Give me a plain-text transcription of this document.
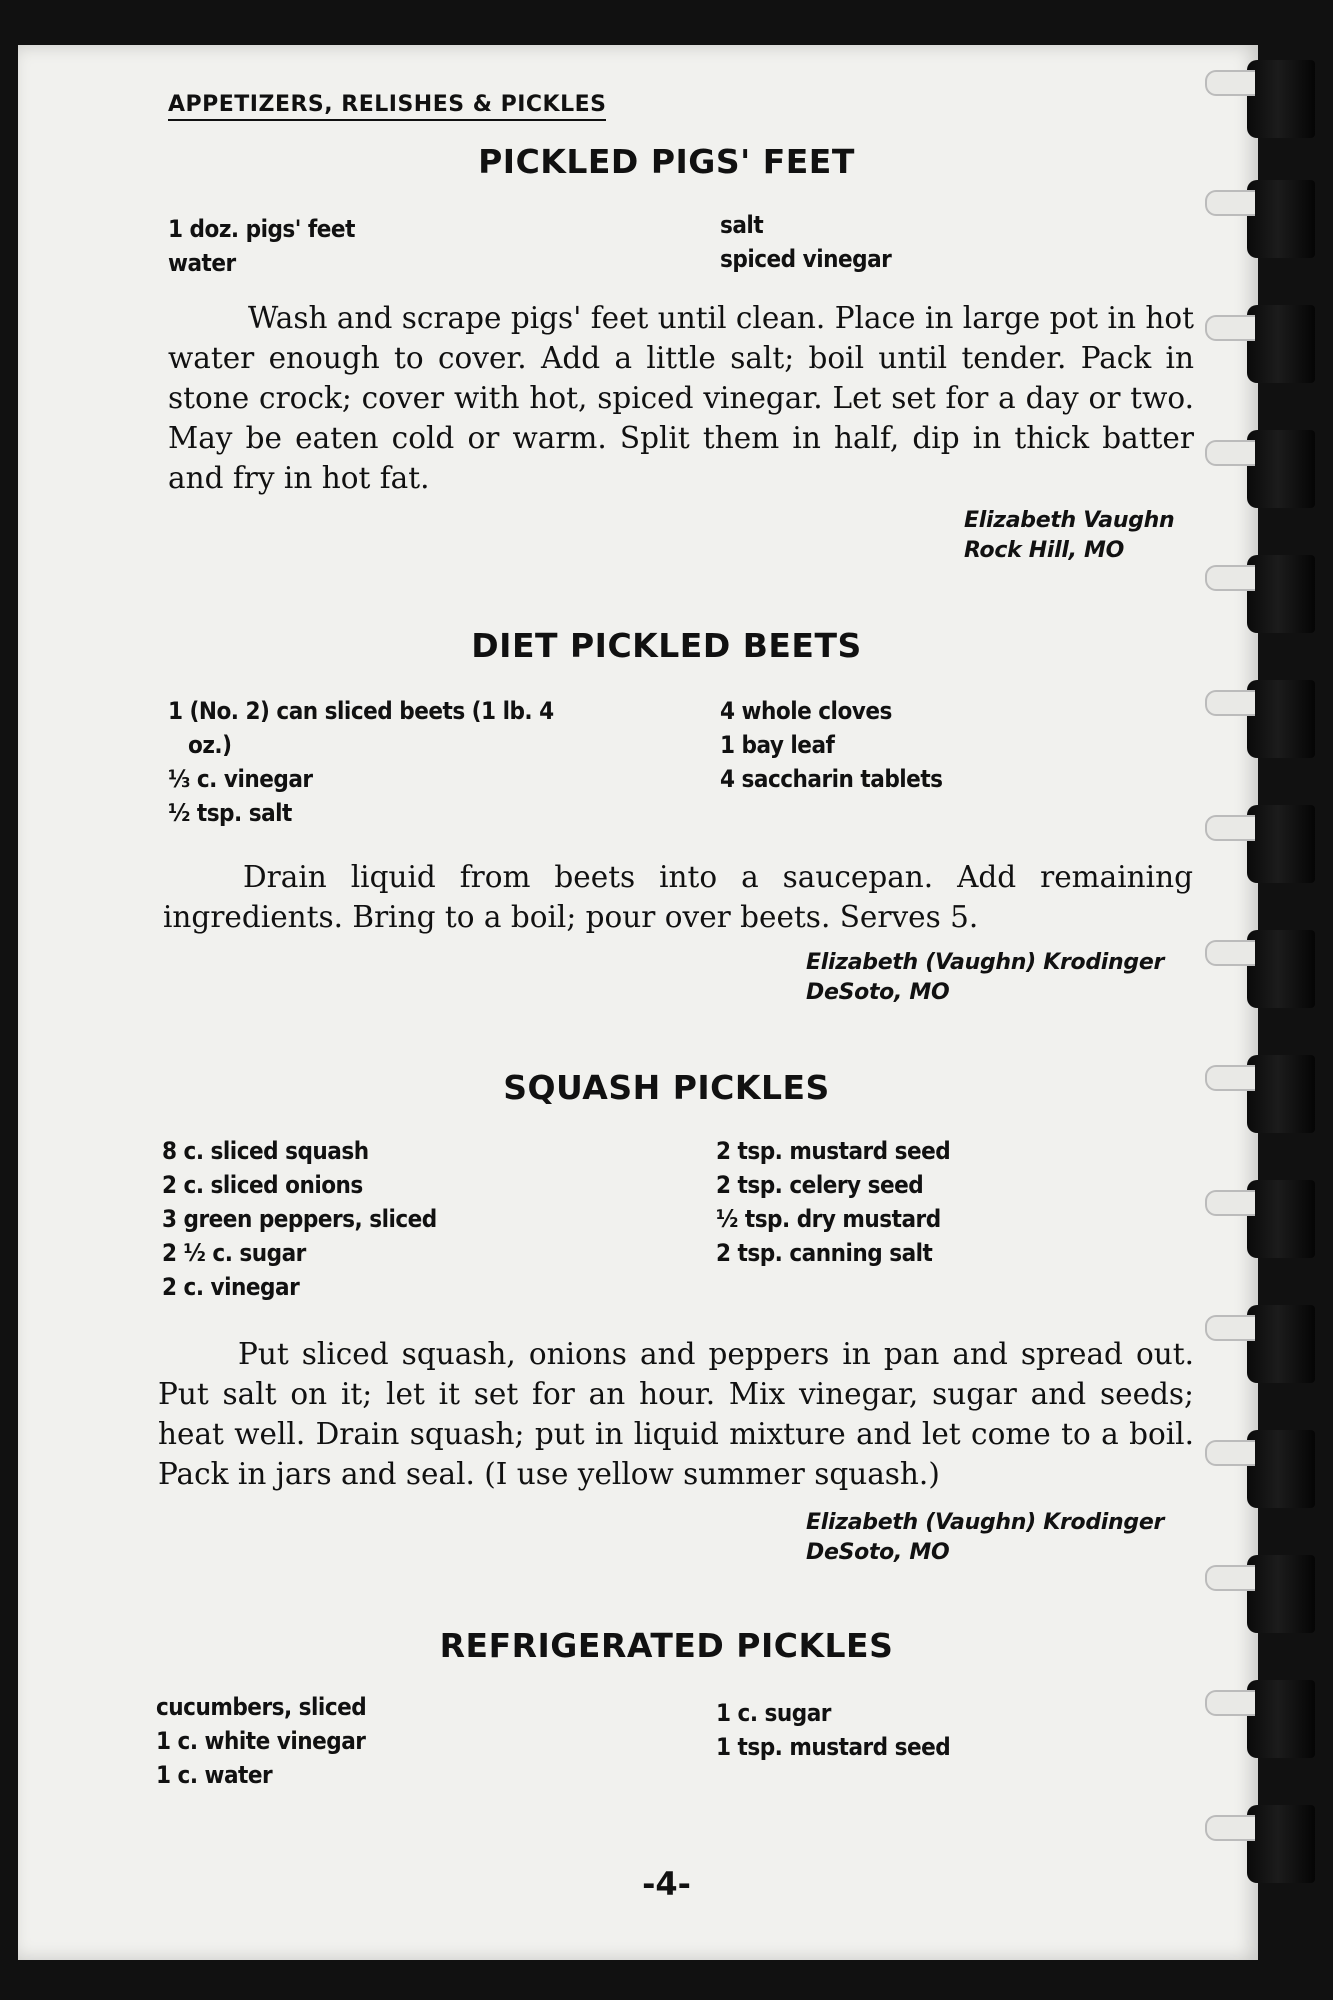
APPETIZERS, RELISHES & PICKLES
PICKLED PIGS' FEET
1 doz. pigs' feet
water
salt
spiced vinegar
Wash and scrape pigs' feet until clean. Place in large pot in hot water enough to cover. Add a little salt; boil until tender. Pack in stone crock; cover with hot, spiced vinegar. Let set for a day or two. May be eaten cold or warm. Split them in half, dip in thick batter and fry in hot fat.
Elizabeth Vaughn
Rock Hill, MO
DIET PICKLED BEETS
1 (No. 2) can sliced beets (1 lb. 4
oz.)
⅓ c. vinegar
½ tsp. salt
4 whole cloves
1 bay leaf
4 saccharin tablets
Drain liquid from beets into a saucepan. Add remaining ingredients. Bring to a boil; pour over beets. Serves 5.
Elizabeth (Vaughn) Krodinger
DeSoto, MO
SQUASH PICKLES
8 c. sliced squash
2 c. sliced onions
3 green peppers, sliced
2 ½ c. sugar
2 c. vinegar
2 tsp. mustard seed
2 tsp. celery seed
½ tsp. dry mustard
2 tsp. canning salt
Put sliced squash, onions and peppers in pan and spread out. Put salt on it; let it set for an hour. Mix vinegar, sugar and seeds; heat well. Drain squash; put in liquid mixture and let come to a boil. Pack in jars and seal. (I use yellow summer squash.)
Elizabeth (Vaughn) Krodinger
DeSoto, MO
REFRIGERATED PICKLES
cucumbers, sliced
1 c. white vinegar
1 c. water
1 c. sugar
1 tsp. mustard seed
-4-
